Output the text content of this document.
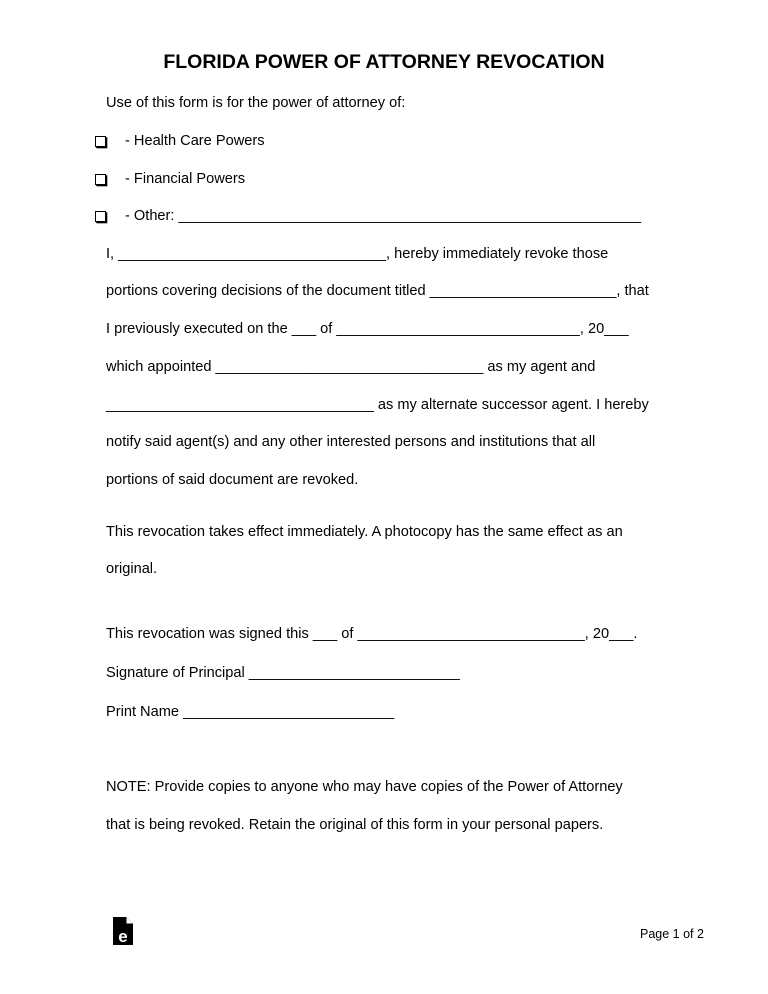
FLORIDA POWER OF ATTORNEY REVOCATION
Use of this form is for the power of attorney of:
- Health Care Powers
- Financial Powers
- Other: _________________________________________________________
I, _________________________________, hereby immediately revoke those
portions covering decisions of the document titled _______________________, that
I previously executed on the ___ of ______________________________, 20___
which appointed _________________________________ as my agent and
_________________________________ as my alternate successor agent. I hereby
notify said agent(s) and any other interested persons and institutions that all
portions of said document are revoked.
This revocation takes effect immediately. A photocopy has the same effect as an
original.
This revocation was signed this ___ of ____________________________, 20___.
Signature of Principal __________________________
Print Name __________________________
NOTE: Provide copies to anyone who may have copies of the Power of Attorney
that is being revoked. Retain the original of this form in your personal papers.
e	Page 1 of 2
